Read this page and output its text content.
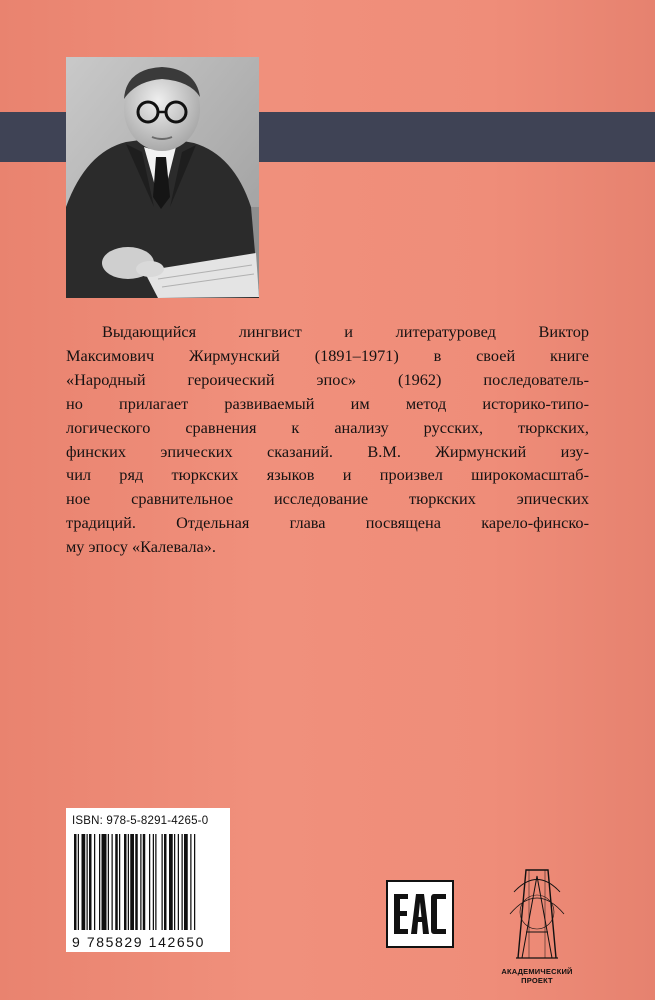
Выдающийся лингвист и литературовед Виктор
Максимович Жирмунский (1891–1971) в своей книге
«Народный героический эпос» (1962) последователь-
но прилагает развиваемый им метод историко-типо-
логического сравнения к анализу русских, тюркских,
финских эпических сказаний. В.М. Жирмунский изу-
чил ряд тюркских языков и произвел широкомасштаб-
ное сравнительное исследование тюркских эпических
традиций. Отдельная глава посвящена карело-финско-
му эпосу «Калевала».
ISBN: 978-5-8291-4265-0
9 785829 142650
АКАДЕМИЧЕСКИЙ ПРОЕКТ
